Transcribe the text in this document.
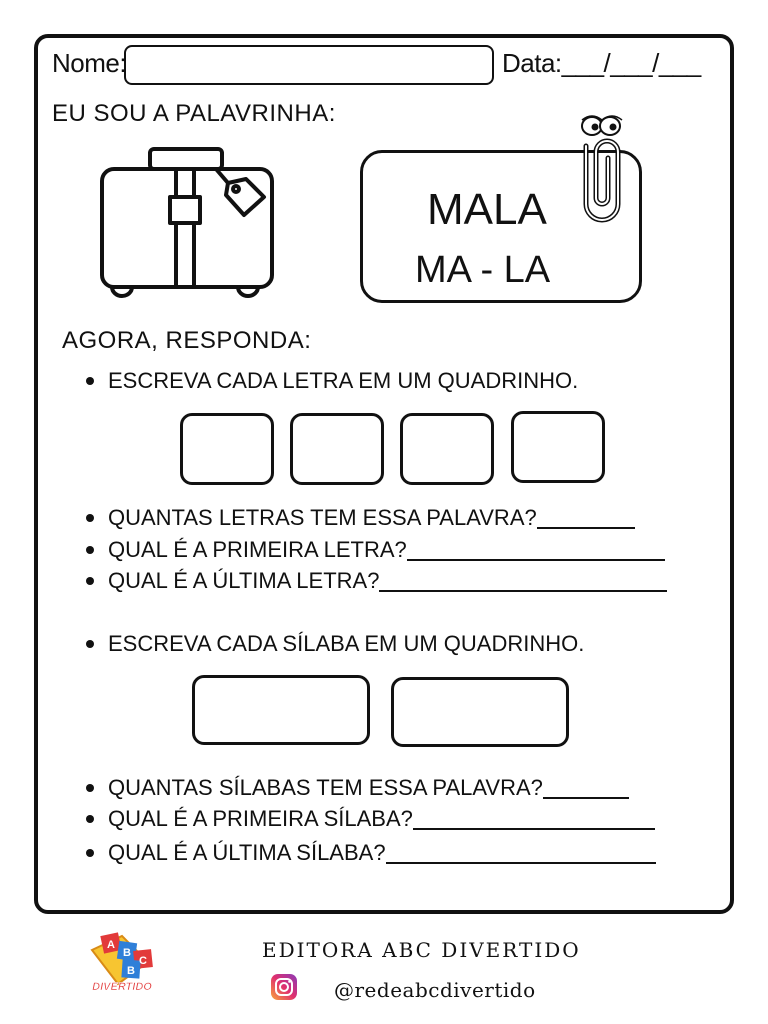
Nome:	Data:___/___/___
EU SOU A PALAVRINHA:
MALA
MA - LA
AGORA, RESPONDA:
ESCREVA CADA LETRA EM UM QUADRINHO.
QUANTAS LETRAS TEM ESSA PALAVRA?
QUAL É A PRIMEIRA LETRA?
QUAL É A ÚLTIMA LETRA?
ESCREVA CADA SÍLABA EM UM QUADRINHO.
QUANTAS SÍLABAS TEM ESSA PALAVRA?
QUAL É A PRIMEIRA SÍLABA?
QUAL É A ÚLTIMA SÍLABA?
A
B
C
B
DIVERTIDO
EDITORA ABC DIVERTIDO
@redeabcdivertido
